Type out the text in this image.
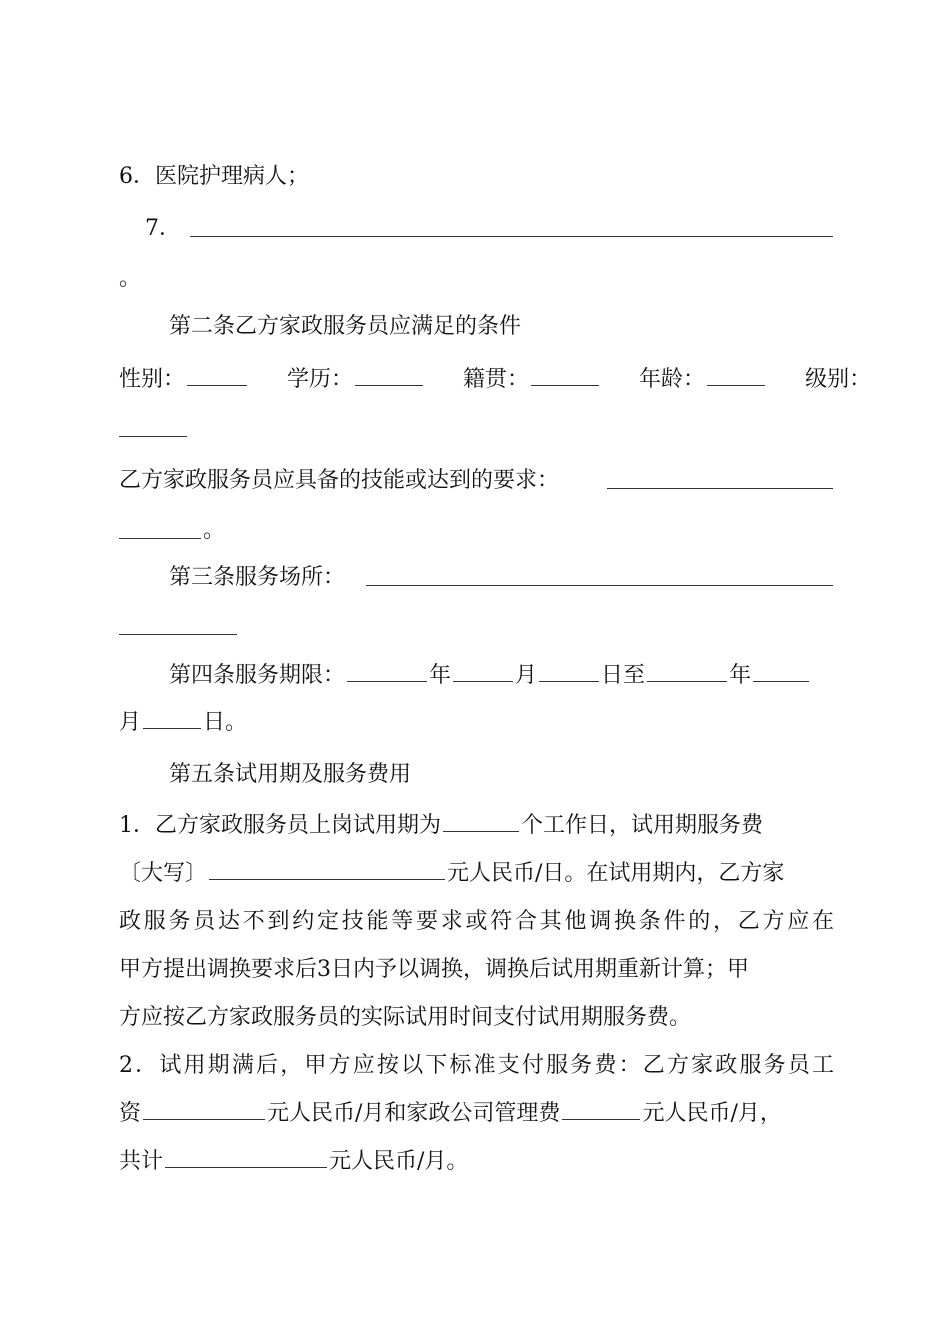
6．医院护理病人；
7．
。
第二条乙方家政服务员应满足的条件
性别：	学历：	籍贯：	年龄：	级别：
乙方家政服务员应具备的技能或达到的要求：
。
第三条服务场所：
第四条服务期限：	年	月	日至	年
月	日。
第五条试用期及服务费用
1．乙方家政服务员上岗试用期为	个工作日，试用期服务费
〔大写〕	元人民币/日。在试用期内，乙方家
政服务员达不到约定技能等要求或符合其他调换条件的，乙方应在
甲方提出调换要求后3日内予以调换，调换后试用期重新计算；甲
方应按乙方家政服务员的实际试用时间支付试用期服务费。
2．试用期满后，甲方应按以下标准支付服务费：乙方家政服务员工
资	元人民币/月和家政公司管理费	元人民币/月，
共计	元人民币/月。
